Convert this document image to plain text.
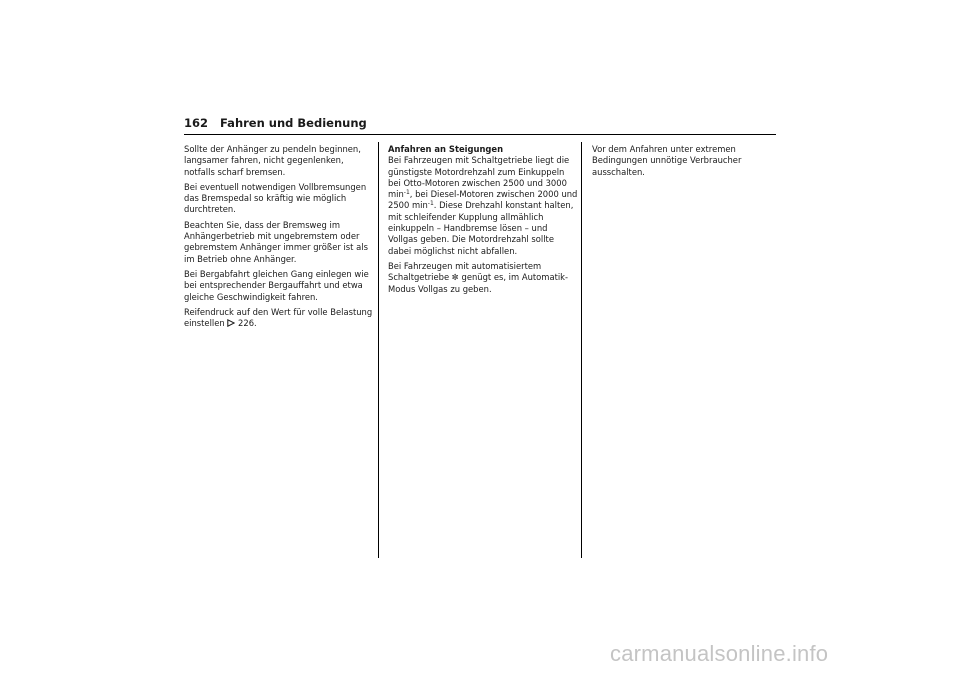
162 Fahren und Bedienung

Sollte der Anhänger zu pendeln beginnen, langsamer fahren, nicht gegenlenken, notfalls scharf bremsen.

Bei eventuell notwendigen Vollbremsungen das Bremspedal so kräftig wie möglich durchtreten.

Beachten Sie, dass der Bremsweg im Anhängerbetrieb mit ungebremstem oder gebremstem Anhänger immer größer ist als im Betrieb ohne Anhänger.

Bei Bergabfahrt gleichen Gang einlegen wie bei entsprechender Bergauffahrt und etwa gleiche Geschwindigkeit fahren.

Reifendruck auf den Wert für volle Belastung einstellen 226.

Anfahren an Steigungen
Bei Fahrzeugen mit Schaltgetriebe liegt die günstigste Motordrehzahl zum Einkuppeln bei Otto-Motoren zwischen 2500 und 3000 $\min^{-1}$, bei Diesel-Motoren zwischen 2000 und 2500 $\min^{-1}$. Diese Drehzahl konstant halten, mit schleifender Kupplung allmählich einkuppeln – Handbremse lösen – und Vollgas geben. Die Motordrehzahl sollte dabei möglichst nicht abfallen.

Bei Fahrzeugen mit automatisiertem Schaltgetriebe ✼ genügt es, im Automatik-Modus Vollgas zu geben.

Vor dem Anfahren unter extremen Bedingungen unnötige Verbraucher ausschalten.

carmanualsonline.info
